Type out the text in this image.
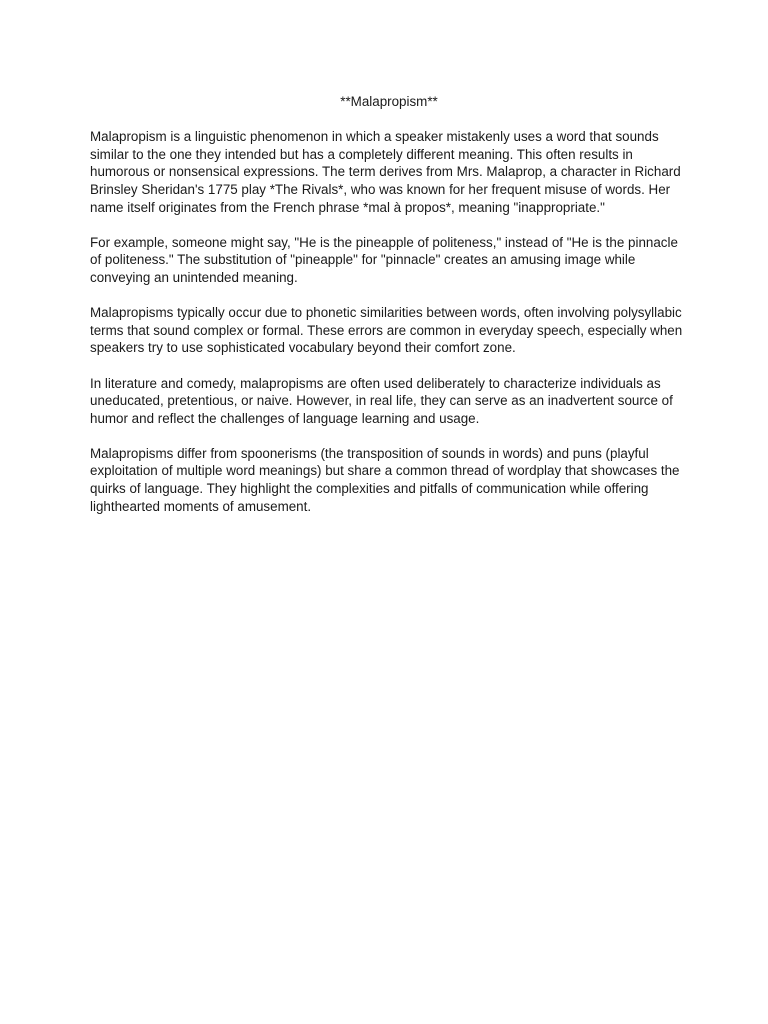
**Malapropism**

Malapropism is a linguistic phenomenon in which a speaker mistakenly uses a word that sounds similar to the one they intended but has a completely different meaning. This often results in humorous or nonsensical expressions. The term derives from Mrs. Malaprop, a character in Richard Brinsley Sheridan's 1775 play *The Rivals*, who was known for her frequent misuse of words. Her name itself originates from the French phrase *mal à propos*, meaning "inappropriate."

For example, someone might say, "He is the pineapple of politeness," instead of "He is the pinnacle of politeness." The substitution of "pineapple" for "pinnacle" creates an amusing image while conveying an unintended meaning.

Malapropisms typically occur due to phonetic similarities between words, often involving polysyllabic terms that sound complex or formal. These errors are common in everyday speech, especially when speakers try to use sophisticated vocabulary beyond their comfort zone.

In literature and comedy, malapropisms are often used deliberately to characterize individuals as uneducated, pretentious, or naive. However, in real life, they can serve as an inadvertent source of humor and reflect the challenges of language learning and usage.

Malapropisms differ from spoonerisms (the transposition of sounds in words) and puns (playful exploitation of multiple word meanings) but share a common thread of wordplay that showcases the quirks of language. They highlight the complexities and pitfalls of communication while offering lighthearted moments of amusement.
